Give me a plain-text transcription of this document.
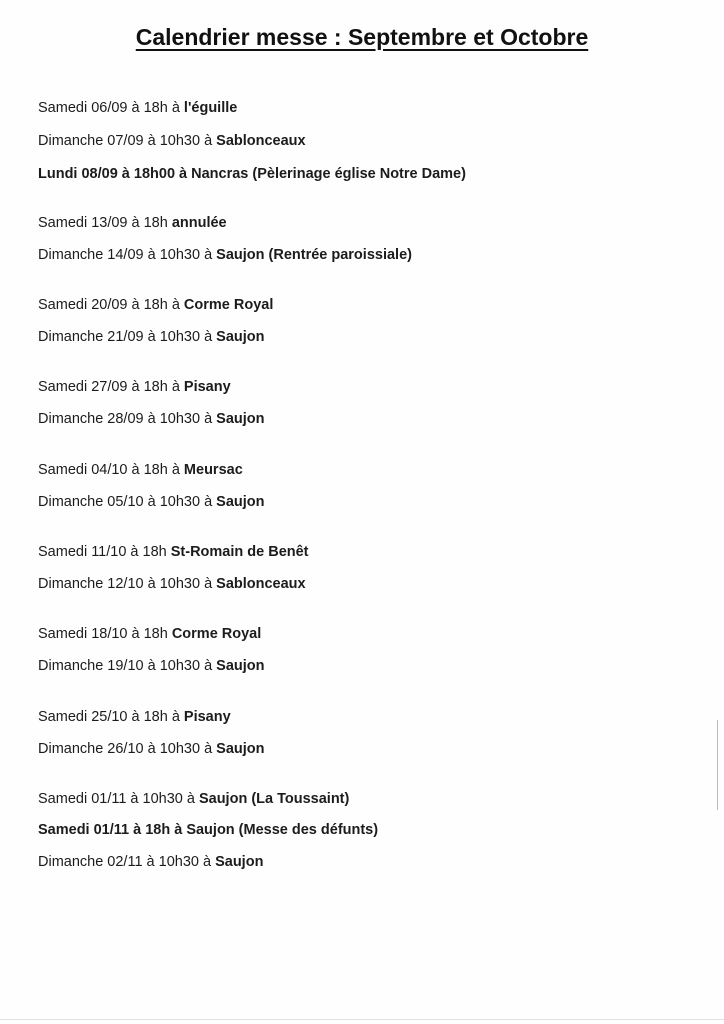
Calendrier messe : Septembre et Octobre
Samedi 06/09 à 18h à l'éguille
Dimanche 07/09 à 10h30 à Sablonceaux
Lundi 08/09 à 18h00 à Nancras (Pèlerinage église Notre Dame)
Samedi 13/09 à 18h annulée
Dimanche 14/09 à 10h30 à Saujon (Rentrée paroissiale)
Samedi 20/09 à 18h à Corme Royal
Dimanche 21/09 à 10h30 à Saujon
Samedi 27/09 à 18h à Pisany
Dimanche 28/09 à 10h30 à Saujon
Samedi 04/10 à 18h à Meursac
Dimanche 05/10 à 10h30 à Saujon
Samedi 11/10 à 18h St-Romain de Benêt
Dimanche 12/10 à 10h30 à Sablonceaux
Samedi 18/10 à 18h Corme Royal
Dimanche 19/10 à 10h30 à Saujon
Samedi 25/10 à 18h à Pisany
Dimanche 26/10 à 10h30 à Saujon
Samedi 01/11 à 10h30 à Saujon (La Toussaint)
Samedi 01/11 à 18h à Saujon (Messe des défunts)
Dimanche 02/11 à 10h30 à Saujon
